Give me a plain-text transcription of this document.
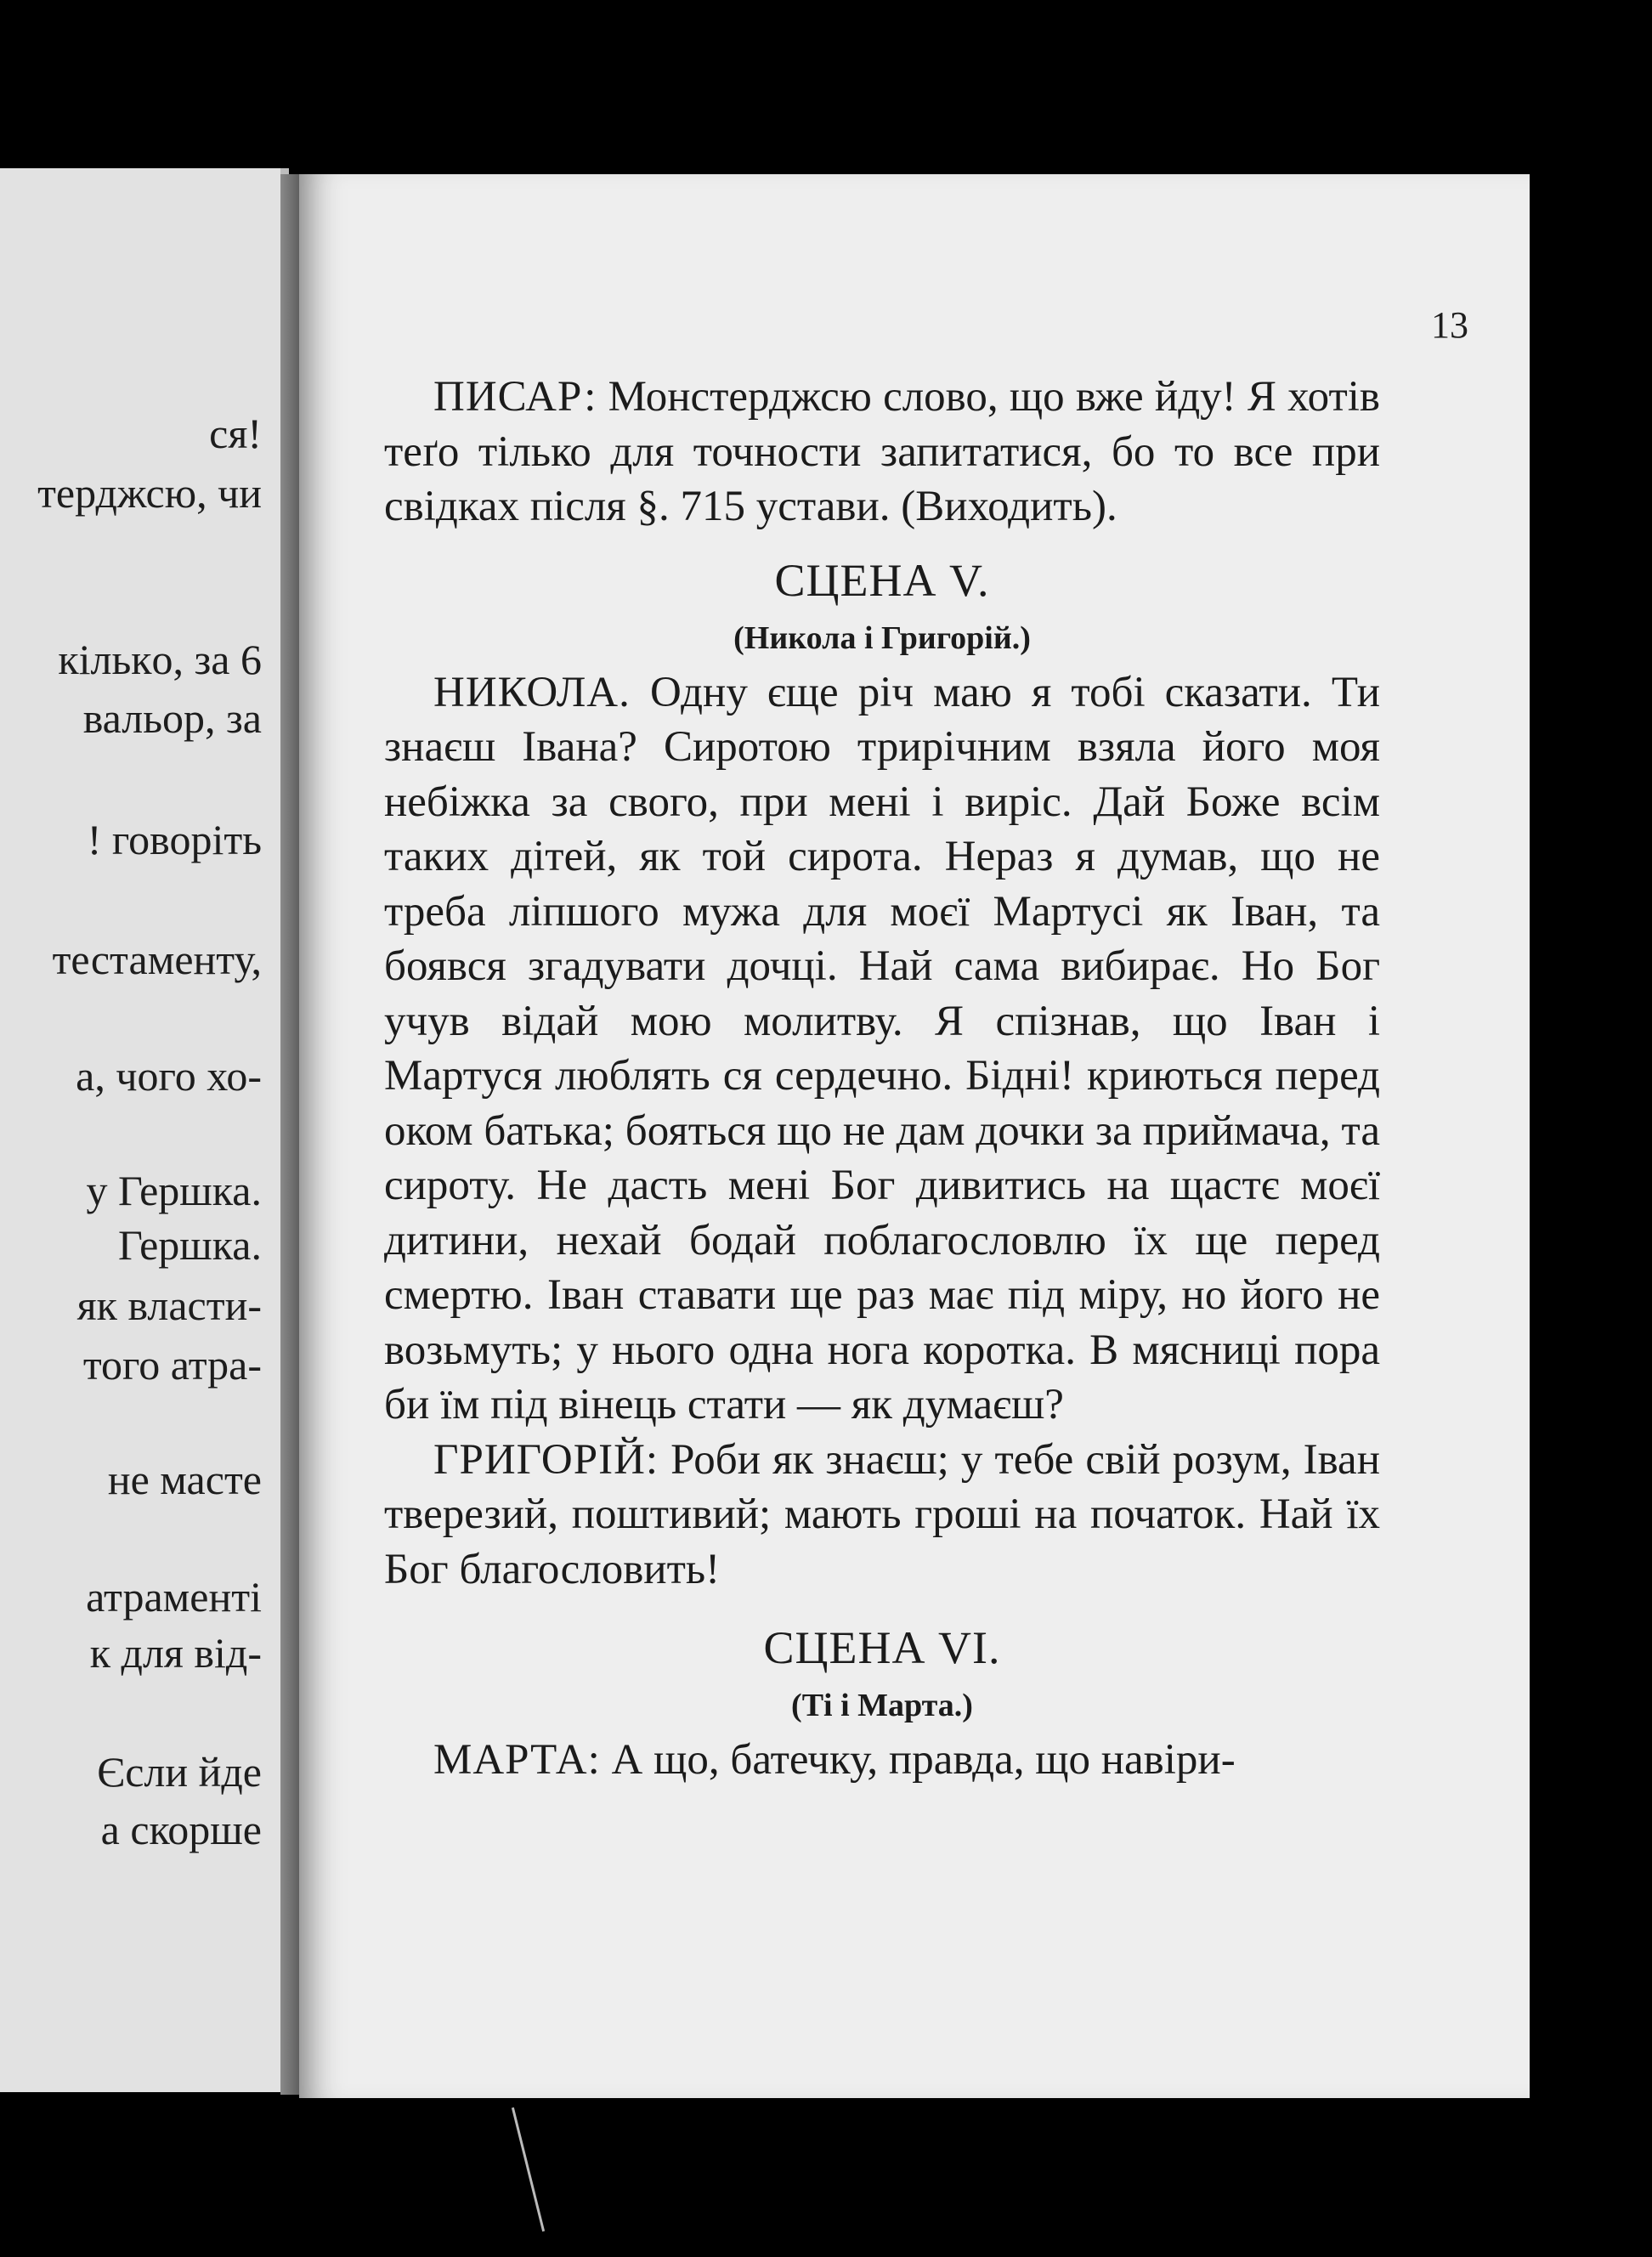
ся!
терджсю, чи
кількo, за 6
вальор, за
! говоріть
тестаменту,
а, чого хо-
у Гершка.
Гершка.
як власти-
того атра-
не масте
атраменті
к для від-
Єсли йде
а скорше
13

ПИСАР: Монстерджсю слово, що вже йду! Я хотів теґо тілько для точности запитатися, бо то все при свідках після §. 715 устави. (Виходить).

СЦЕНА V.
(Никола і Григорій.)

НИКОЛА. Одну єще річ маю я тобі сказати. Ти знаєш Івана? Сиротою трирічним взяла його моя небіжка за свого, при мені і виріс. Дай Боже всім таких дітей, як той сирота. Нераз я думав, що не треба ліпшого мужа для моєї Мартусі як Іван, та боявся згадувати дочці. Най сама вибирає. Но Бог учув відай мою молитву. Я спізнав, що Іван і Мартуся люблять ся сердечно. Бідні! криються перед оком батька; бояться що не дам дочки за приймача, та сироту. Не дасть мені Бог дивитись на щастє моєї дитини, нехай бодай поблагословлю їх ще перед смертю. Іван ставати ще раз має під міру, но його не возьмуть; у нього одна нога коротка. В мясниці пора би їм під вінець стати — як думаєш?

ГРИГОРІЙ: Роби як знаєш; у тебе свій розум, Іван тверезий, поштивий; мають гроші на початок. Най їх Бог благословить!

СЦЕНА VI.
(Ті і Марта.)

МАРТА: А що, батечку, правда, що навіри-
